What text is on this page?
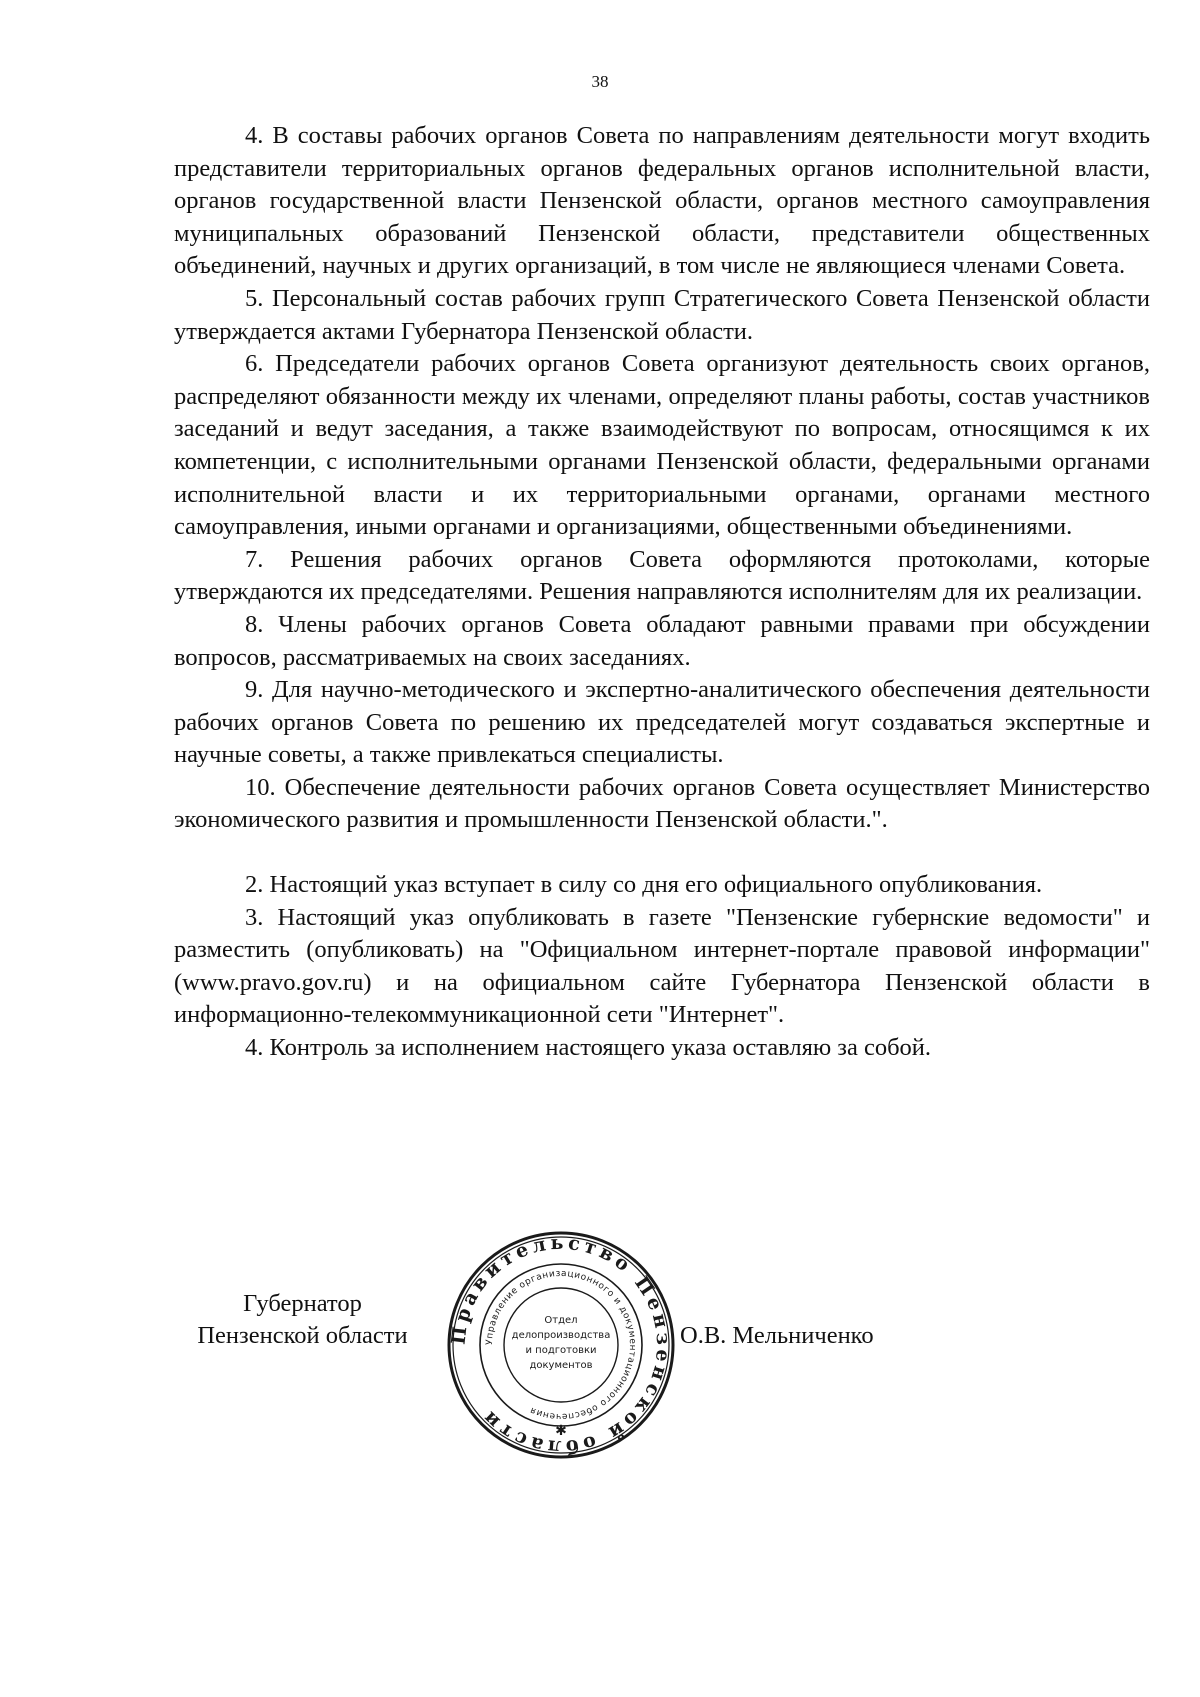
38

4. В составы рабочих органов Совета по направлениям деятельности могут входить представители территориальных органов федеральных органов исполнительной власти, органов государственной власти Пензенской области, органов местного самоуправления муниципальных образований Пензенской области, представители общественных объединений, научных и других организаций, в том числе не являющиеся членами Совета.

5. Персональный состав рабочих групп Стратегического Совета Пензенской области утверждается актами Губернатора Пензенской области.

6. Председатели рабочих органов Совета организуют деятельность своих органов, распределяют обязанности между их членами, определяют планы работы, состав участников заседаний и ведут заседания, а также взаимодействуют по вопросам, относящимся к их компетенции, с исполнительными органами Пензенской области, федеральными органами исполнительной власти и их территориальными органами, органами местного самоуправления, иными органами и организациями, общественными объединениями.

7. Решения рабочих органов Совета оформляются протоколами, которые утверждаются их председателями. Решения направляются исполнителям для их реализации.

8. Члены рабочих органов Совета обладают равными правами при обсуждении вопросов, рассматриваемых на своих заседаниях.

9. Для научно-методического и экспертно-аналитического обеспечения деятельности рабочих органов Совета по решению их председателей могут создаваться экспертные и научные советы, а также привлекаться специалисты.

10. Обеспечение деятельности рабочих органов Совета осуществляет Министерство экономического развития и промышленности Пензенской области.".

2. Настоящий указ вступает в силу со дня его официального опубликования.

3. Настоящий указ опубликовать в газете "Пензенские губернские ведомости" и разместить (опубликовать) на "Официальном интернет-портале правовой информации" (www.pravo.gov.ru) и на официальном сайте Губернатора Пензенской области в информационно-телекоммуникационной сети "Интернет".

4. Контроль за исполнением настоящего указа оставляю за собой.

Губернатор
Пензенской области	Правительство Пензенской области
Управление организационного и документационного обеспечения
Отдел
делопроизводства
и подготовки
документов
✱
О.В. Мельниченко
